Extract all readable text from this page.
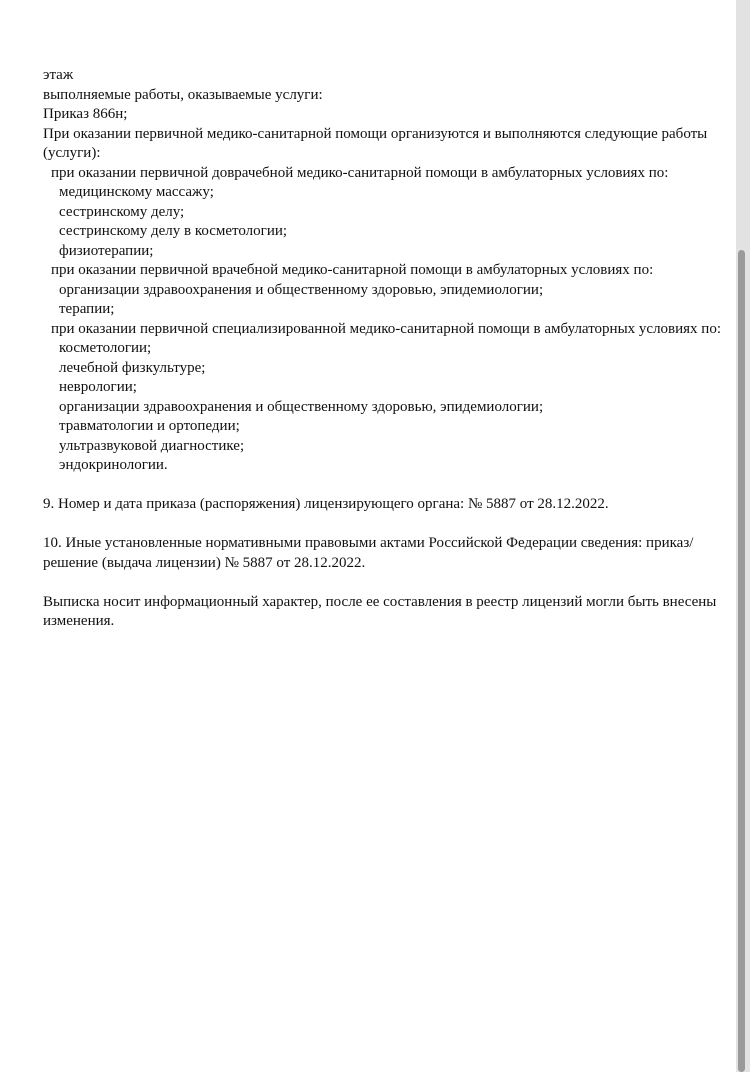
этаж
выполняемые работы, оказываемые услуги:
Приказ 866н;
При оказании первичной медико-санитарной помощи организуются и выполняются следующие работы (услуги):
при оказании первичной доврачебной медико-санитарной помощи в амбулаторных условиях по:
медицинскому массажу;
сестринскому делу;
сестринскому делу в косметологии;
физиотерапии;
при оказании первичной врачебной медико-санитарной помощи в амбулаторных условиях по:
организации здравоохранения и общественному здоровью, эпидемиологии;
терапии;
при оказании первичной специализированной медико-санитарной помощи в амбулаторных условиях по:
косметологии;
лечебной физкультуре;
неврологии;
организации здравоохранения и общественному здоровью, эпидемиологии;
травматологии и ортопедии;
ультразвуковой диагностике;
эндокринологии.
9. Номер и дата приказа (распоряжения) лицензирующего органа: № 5887 от 28.12.2022.
10. Иные установленные нормативными правовыми актами Российской Федерации сведения: приказ/решение (выдача лицензии) № 5887 от 28.12.2022.
Выписка носит информационный характер, после ее составления в реестр лицензий могли быть внесены изменения.
